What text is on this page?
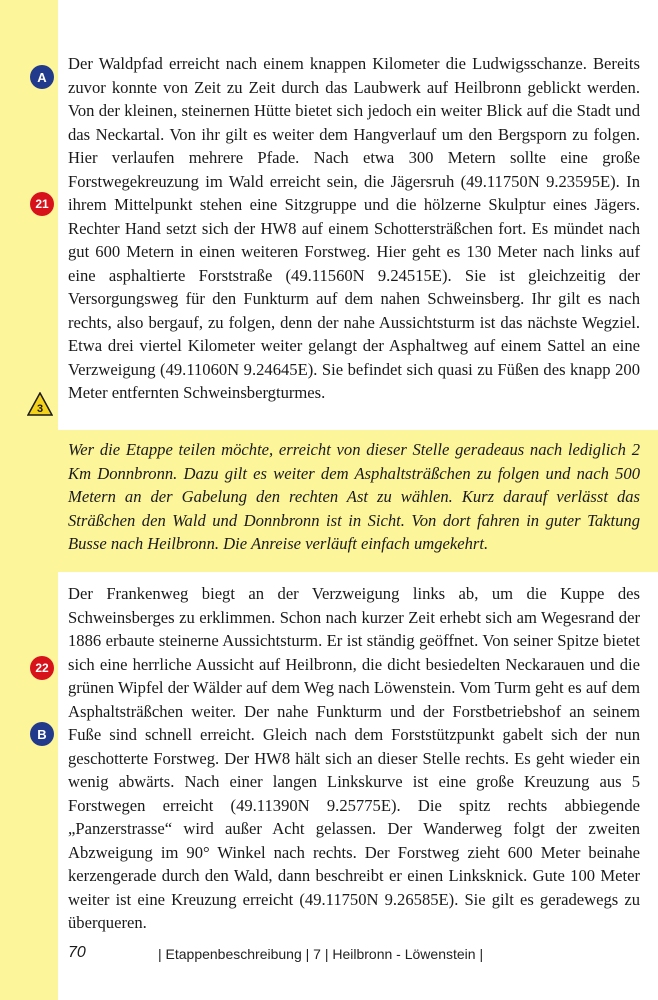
A
21
3
22
B

Der Waldpfad erreicht nach einem knappen Kilometer die Ludwigsschanze. Bereits zuvor konnte von Zeit zu Zeit durch das Laubwerk auf Heilbronn geblickt werden. Von der kleinen, steinernen Hütte bietet sich jedoch ein weiter Blick auf die Stadt und das Neckartal. Von ihr gilt es weiter dem Hangverlauf um den Bergsporn zu folgen. Hier verlaufen mehrere Pfade. Nach etwa 300 Metern sollte eine große Forstwegekreuzung im Wald erreicht sein, die Jägersruh (49.11750N 9.23595E). In ihrem Mittelpunkt stehen eine Sitzgruppe und die hölzerne Skulptur eines Jägers. Rechter Hand setzt sich der HW8 auf einem Schottersträßchen fort. Es mündet nach gut 600 Metern in einen weiteren Forstweg. Hier geht es 130 Meter nach links auf eine asphaltierte Forststraße (49.11560N 9.24515E). Sie ist gleichzeitig der Versorgungsweg für den Funkturm auf dem nahen Schweinsberg. Ihr gilt es nach rechts, also bergauf, zu folgen, denn der nahe Aussichtsturm ist das nächste Wegziel. Etwa drei viertel Kilometer weiter gelangt der Asphaltweg auf einem Sattel an eine Verzweigung (49.11060N 9.24645E). Sie befindet sich quasi zu Füßen des knapp 200 Meter entfernten Schweinsbergturmes.

Wer die Etappe teilen möchte, erreicht von dieser Stelle geradeaus nach lediglich 2 Km Donnbronn. Dazu gilt es weiter dem Asphaltsträßchen zu folgen und nach 500 Metern an der Gabelung den rechten Ast zu wählen. Kurz darauf verlässt das Sträßchen den Wald und Donnbronn ist in Sicht. Von dort fahren in guter Taktung Busse nach Heilbronn. Die Anreise verläuft einfach umgekehrt.

Der Frankenweg biegt an der Verzweigung links ab, um die Kuppe des Schweinsberges zu erklimmen. Schon nach kurzer Zeit erhebt sich am Wegesrand der 1886 erbaute steinerne Aussichtsturm. Er ist ständig geöffnet. Von seiner Spitze bietet sich eine herrliche Aussicht auf Heilbronn, die dicht besiedelten Neckarauen und die grünen Wipfel der Wälder auf dem Weg nach Löwenstein. Vom Turm geht es auf dem Asphaltsträßchen weiter. Der nahe Funkturm und der Forstbetriebshof an seinem Fuße sind schnell erreicht. Gleich nach dem Forststützpunkt gabelt sich der nun geschotterte Forstweg. Der HW8 hält sich an dieser Stelle rechts. Es geht wieder ein wenig abwärts. Nach einer langen Linkskurve ist eine große Kreuzung aus 5 Forstwegen erreicht (49.11390N 9.25775E). Die spitz rechts abbiegende „Panzerstrasse“ wird außer Acht gelassen. Der Wanderweg folgt der zweiten Abzweigung im 90° Winkel nach rechts. Der Forstweg zieht 600 Meter beinahe kerzengerade durch den Wald, dann beschreibt er einen Linksknick. Gute 100 Meter weiter ist eine Kreuzung erreicht (49.11750N 9.26585E). Sie gilt es geradewegs zu überqueren.

70	| Etappenbeschreibung | 7 | Heilbronn - Löwenstein |
